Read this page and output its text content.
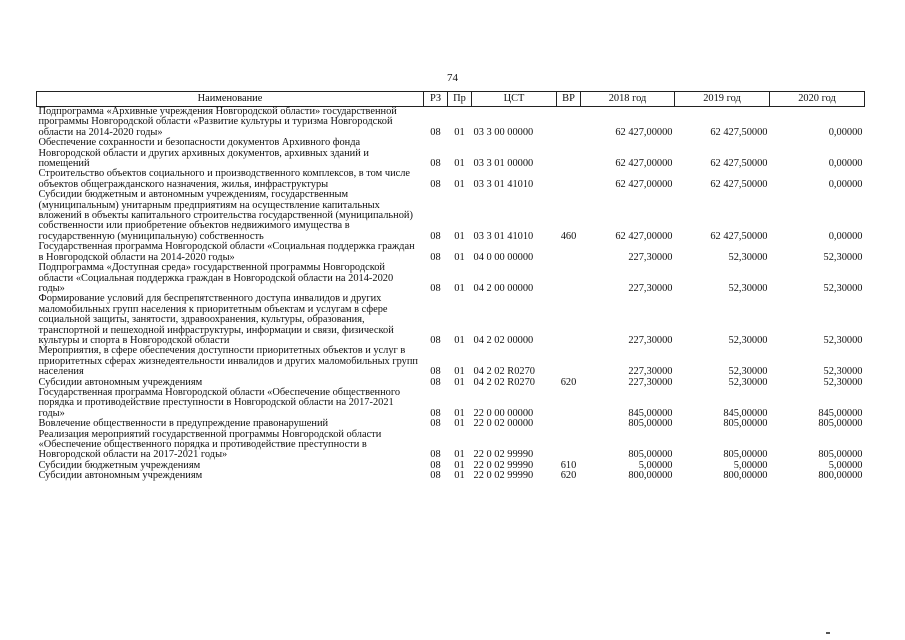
74
Наименование	РЗ	Пр	ЦСТ	ВР	2018 год	2019 год	2020 год
Подпрограмма «Архивные учреждения Новгородской области» государственной программы Новгородской области «Развитие культуры и туризма Новгородской области на 2014-2020 годы»	08	01	03 3 00 00000		62 427,00000	62 427,50000	0,00000
Обеспечение сохранности и безопасности документов Архивного фонда Новгородской области и других архивных документов, архивных зданий и помещений	08	01	03 3 01 00000		62 427,00000	62 427,50000	0,00000
Строительство объектов социального и производственного комплексов, в том числе объектов общегражданского назначения, жилья, инфраструктуры	08	01	03 3 01 41010		62 427,00000	62 427,50000	0,00000
Субсидии бюджетным и автономным учреждениям, государственным (муниципальным) унитарным предприятиям на осуществление капитальных вложений в объекты капитального строительства государственной (муниципальной) собственности или приобретение объектов недвижимого имущества в государственную (муниципальную) собственность	08	01	03 3 01 41010	460	62 427,00000	62 427,50000	0,00000
Государственная программа Новгородской области «Социальная поддержка граждан в Новгородской области на 2014-2020 годы»	08	01	04 0 00 00000		227,30000	52,30000	52,30000
Подпрограмма «Доступная среда» государственной программы Новгородской области «Социальная поддержка граждан в Новгородской области на 2014-2020 годы»	08	01	04 2 00 00000		227,30000	52,30000	52,30000
Формирование условий для беспрепятственного доступа инвалидов и других маломобильных групп населения к приоритетным объектам и услугам в сфере социальной защиты, занятости, здравоохранения, культуры, образования, транспортной и пешеходной инфраструктуры, информации и связи, физической культуры и спорта в Новгородской области	08	01	04 2 02 00000		227,30000	52,30000	52,30000
Мероприятия, в сфере обеспечения доступности приоритетных объектов и услуг в приоритетных сферах жизнедеятельности инвалидов и других маломобильных групп населения	08	01	04 2 02 R0270		227,30000	52,30000	52,30000
Субсидии автономным учреждениям	08	01	04 2 02 R0270	620	227,30000	52,30000	52,30000
Государственная программа Новгородской области «Обеспечение общественного порядка и противодействие преступности в Новгородской области на 2017-2021 годы»	08	01	22 0 00 00000		845,00000	845,00000	845,00000
Вовлечение общественности в предупреждение правонарушений	08	01	22 0 02 00000		805,00000	805,00000	805,00000
Реализация мероприятий государственной программы Новгородской области «Обеспечение общественного порядка и противодействие преступности в Новгородской области на 2017-2021 годы»	08	01	22 0 02 99990		805,00000	805,00000	805,00000
Субсидии бюджетным учреждениям	08	01	22 0 02 99990	610	5,00000	5,00000	5,00000
Субсидии автономным учреждениям	08	01	22 0 02 99990	620	800,00000	800,00000	800,00000
